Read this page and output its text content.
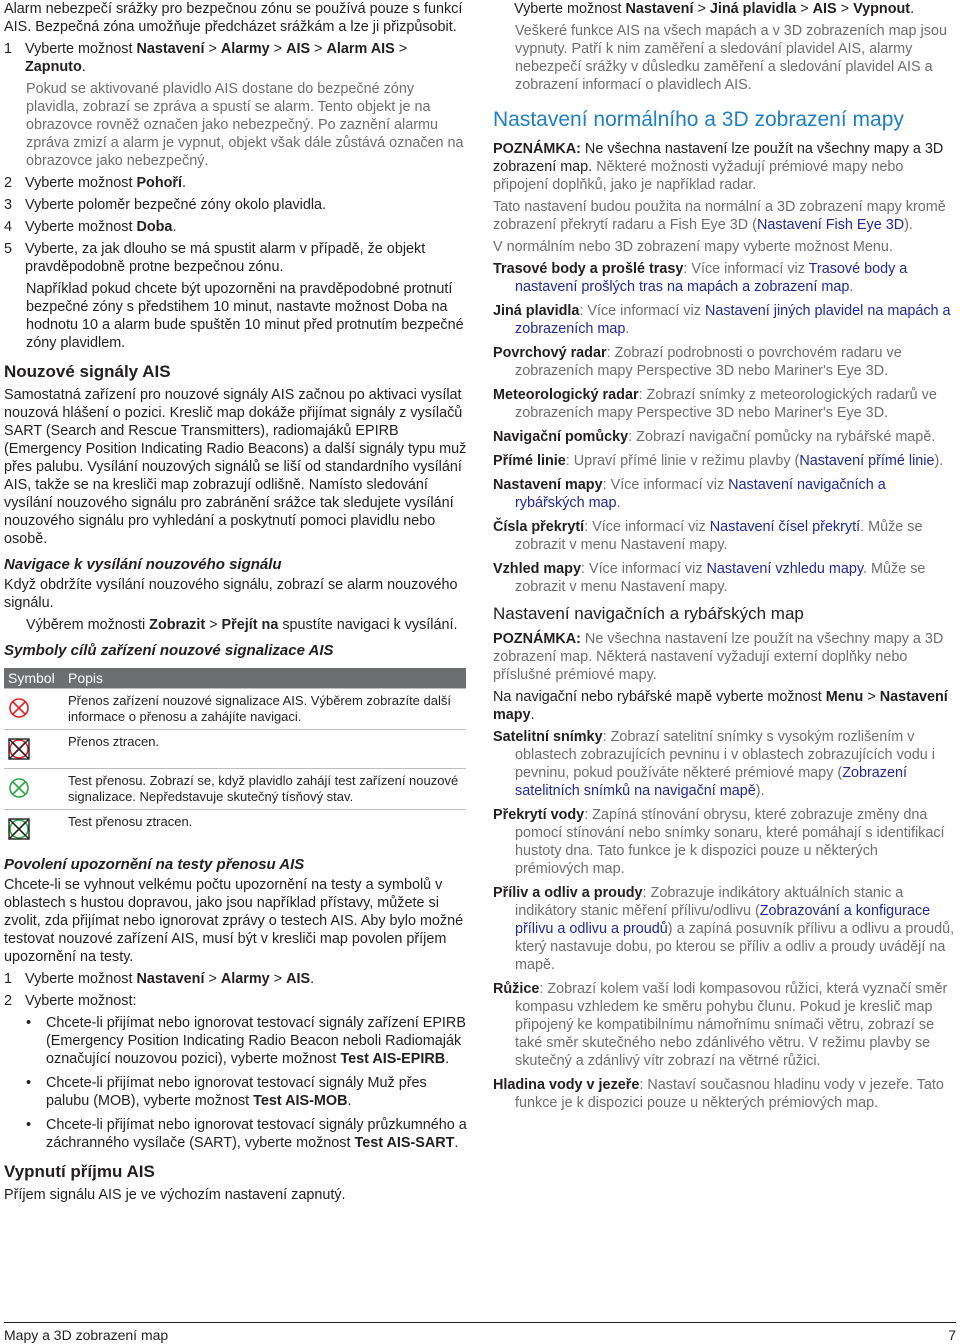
Alarm nebezpečí srážky pro bezpečnou zónu se používá pouze s funkcí AIS. Bezpečná zóna umožňuje předcházet srážkám a lze ji přizpůsobit.

1 Vyberte možnost Nastavení > Alarmy > AIS > Alarm AIS > Zapnuto.

Pokud se aktivované plavidlo AIS dostane do bezpečné zóny plavidla, zobrazí se zpráva a spustí se alarm. Tento objekt je na obrazovce rovněž označen jako nebezpečný. Po zaznění alarmu zpráva zmizí a alarm je vypnut, objekt však dále zůstává označen na obrazovce jako nebezpečný.

2 Vyberte možnost Pohoří.
3 Vyberte poloměr bezpečné zóny okolo plavidla.
4 Vyberte možnost Doba.
5 Vyberte, za jak dlouho se má spustit alarm v případě, že objekt pravděpodobně protne bezpečnou zónu.

Například pokud chcete být upozorněni na pravděpodobné protnutí bezpečné zóny s předstihem 10 minut, nastavte možnost Doba na hodnotu 10 a alarm bude spuštěn 10 minut před protnutím bezpečné zóny plavidlem.

Nouzové signály AIS

Samostatná zařízení pro nouzové signály AIS začnou po aktivaci vysílat nouzová hlášení o pozici. Kreslič map dokáže přijímat signály z vysílačů SART (Search and Rescue Transmitters), radiomajáků EPIRB (Emergency Position Indicating Radio Beacons) a další signály typu muž přes palubu. Vysílání nouzových signálů se liší od standardního vysílání AIS, takže se na kresliči map zobrazují odlišně. Namísto sledování vysílání nouzového signálu pro zabránění srážce tak sledujete vysílání nouzového signálu pro vyhledání a poskytnutí pomoci plavidlu nebo osobě.

Navigace k vysílání nouzového signálu

Když obdržíte vysílání nouzového signálu, zobrazí se alarm nouzového signálu.

Výběrem možnosti Zobrazit > Přejít na spustíte navigaci k vysílání.

Symboly cílů zařízení nouzové signalizace AIS
Symbol	Popis
	Přenos zařízení nouzové signalizace AIS. Výběrem zobrazíte další informace o přenosu a zahájíte navigaci.
	Přenos ztracen.
	Test přenosu. Zobrazí se, když plavidlo zahájí test zařízení nouzové signalizace. Nepředstavuje skutečný tísňový stav.
	Test přenosu ztracen.
Povolení upozornění na testy přenosu AIS

Chcete-li se vyhnout velkému počtu upozornění na testy a symbolů v oblastech s hustou dopravou, jako jsou například přístavy, můžete si zvolit, zda přijímat nebo ignorovat zprávy o testech AIS. Aby bylo možné testovat nouzové zařízení AIS, musí být v kresliči map povolen příjem upozornění na testy.

1 Vyberte možnost Nastavení > Alarmy > AIS.
2 Vyberte možnost:
• Chcete-li přijímat nebo ignorovat testovací signály zařízení EPIRB (Emergency Position Indicating Radio Beacon neboli Radiomaják označující nouzovou pozici), vyberte možnost Test AIS-EPIRB.
• Chcete-li přijímat nebo ignorovat testovací signály Muž přes palubu (MOB), vyberte možnost Test AIS-MOB.
• Chcete-li přijímat nebo ignorovat testovací signály průzkumného a záchranného vysílače (SART), vyberte možnost Test AIS-SART.
Vypnutí příjmu AIS

Příjem signálu AIS je ve výchozím nastavení zapnutý.

Vyberte možnost Nastavení > Jiná plavidla > AIS > Vypnout.

Veškeré funkce AIS na všech mapách a v 3D zobrazeních map jsou vypnuty. Patří k nim zaměření a sledování plavidel AIS, alarmy nebezpečí srážky v důsledku zaměření a sledování plavidel AIS a zobrazení informací o plavidlech AIS.

Nastavení normálního a 3D zobrazení mapy

POZNÁMKA: Ne všechna nastavení lze použít na všechny mapy a 3D zobrazení map. Některé možnosti vyžadují prémiové mapy nebo připojení doplňků, jako je například radar.

Tato nastavení budou použita na normální a 3D zobrazení mapy kromě zobrazení překrytí radaru a Fish Eye 3D (Nastavení Fish Eye 3D).

V normálním nebo 3D zobrazení mapy vyberte možnost Menu.

Trasové body a prošlé trasy: Více informací viz Trasové body a nastavení prošlých tras na mapách a zobrazení map.

Jiná plavidla: Více informací viz Nastavení jiných plavidel na mapách a zobrazeních map.

Povrchový radar: Zobrazí podrobnosti o povrchovém radaru ve zobrazeních mapy Perspective 3D nebo Mariner's Eye 3D.

Meteorologický radar: Zobrazí snímky z meteorologických radarů ve zobrazeních mapy Perspective 3D nebo Mariner's Eye 3D.

Navigační pomůcky: Zobrazí navigační pomůcky na rybářské mapě.

Přímé linie: Upraví přímé linie v režimu plavby (Nastavení přímé linie).

Nastavení mapy: Více informací viz Nastavení navigačních a rybářských map.

Čísla překrytí: Více informací viz Nastavení čísel překrytí. Může se zobrazit v menu Nastavení mapy.

Vzhled mapy: Více informací viz Nastavení vzhledu mapy. Může se zobrazit v menu Nastavení mapy.

Nastavení navigačních a rybářských map

POZNÁMKA: Ne všechna nastavení lze použít na všechny mapy a 3D zobrazení map. Některá nastavení vyžadují externí doplňky nebo příslušné prémiové mapy.

Na navigační nebo rybářské mapě vyberte možnost Menu > Nastavení mapy.

Satelitní snímky: Zobrazí satelitní snímky s vysokým rozlišením v oblastech zobrazujících pevninu i v oblastech zobrazujících vodu i pevninu, pokud používáte některé prémiové mapy (Zobrazení satelitních snímků na navigační mapě).

Překrytí vody: Zapíná stínování obrysu, které zobrazuje změny dna pomocí stínování nebo snímky sonaru, které pomáhají s identifikací hustoty dna. Tato funkce je k dispozici pouze u některých prémiových map.

Příliv a odliv a proudy: Zobrazuje indikátory aktuálních stanic a indikátory stanic měření přílivu/odlivu (Zobrazování a konfigurace přílivu a odlivu a proudů) a zapíná posuvník přílivu a odlivu a proudů, který nastavuje dobu, po kterou se příliv a odliv a proudy uvádějí na mapě.

Růžice: Zobrazí kolem vaší lodi kompasovou růžici, která vyznačí směr kompasu vzhledem ke směru pohybu člunu. Pokud je kreslič map připojený ke kompatibilnímu námořnímu snímači větru, zobrazí se také směr skutečného nebo zdánlivého větru. V režimu plavby se skutečný a zdánlivý vítr zobrazí na větrné růžici.

Hladina vody v jezeře: Nastaví současnou hladinu vody v jezeře. Tato funkce je k dispozici pouze u některých prémiových map.

Mapy a 3D zobrazení map	7
